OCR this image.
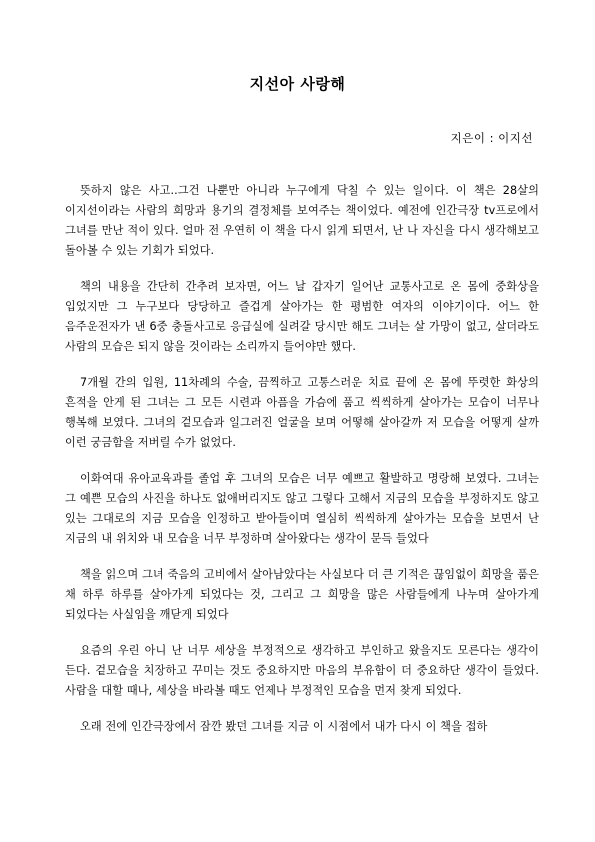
지선아 사랑해
지은이 : 이지선

뜻하지 않은 사고..그건 나뿐만 아니라 누구에게 닥칠 수 있는 일이다. 이 책은 28살의 이지선이라는 사람의 희망과 용기의 결정체를 보여주는 책이었다. 예전에 인간극장 tv프로에서 그녀를 만난 적이 있다. 얼마 전 우연히 이 책을 다시 읽게 되면서, 난 나 자신을 다시 생각해보고 돌아볼 수 있는 기회가 되었다.

책의 내용을 간단히 간추려 보자면, 어느 날 갑자기 일어난 교통사고로 온 몸에 중화상을 입었지만 그 누구보다 당당하고 즐겁게 살아가는 한 평범한 여자의 이야기이다. 어느 한 음주운전자가 낸 6중 충돌사고로 응급실에 실려갈 당시만 해도 그녀는 살 가망이 없고, 살더라도 사람의 모습은 되지 않을 것이라는 소리까지 들어야만 했다.

7개월 간의 입원, 11차례의 수술, 끔찍하고 고통스러운 치료 끝에 온 몸에 뚜렷한 화상의 흔적을 안게 된 그녀는 그 모든 시련과 아픔을 가슴에 품고 씩씩하게 살아가는 모습이 너무나 행복해 보였다. 그녀의 겉모습과 일그러진 얼굴을 보며 어떻해 살아갈까 저 모습을 어떻게 살까 이런 궁금함을 저버릴 수가 없었다.

이화여대 유아교육과를 졸업 후 그녀의 모습은 너무 예쁘고 활발하고 명랑해 보였다. 그녀는 그 예쁜 모습의 사진을 하나도 없애버리지도 않고 그렇다 고해서 지금의 모습을 부정하지도 않고 있는 그대로의 지금 모습을 인정하고 받아들이며 열심히 씩씩하게 살아가는 모습을 보면서 난 지금의 내 위치와 내 모습을 너무 부정하며 살아왔다는 생각이 문득 들었다

책을 읽으며 그녀 죽음의 고비에서 살아남았다는 사실보다 더 큰 기적은 끊임없이 희망을 품은 채 하루 하루를 살아가게 되었다는 것, 그리고 그 희망을 많은 사람들에게 나누며 살아가게 되었다는 사실임을 깨닫게 되었다

요즘의 우린 아니 난 너무 세상을 부정적으로 생각하고 부인하고 왔을지도 모른다는 생각이 든다. 겉모습을 치장하고 꾸미는 것도 중요하지만 마음의 부유함이 더 중요하단 생각이 들었다. 사람을 대할 때나, 세상을 바라볼 때도 언제나 부정적인 모습을 먼저 찾게 되었다.

오래 전에 인간극장에서 잠깐 봤던 그녀를 지금 이 시점에서 내가 다시 이 책을 접하
